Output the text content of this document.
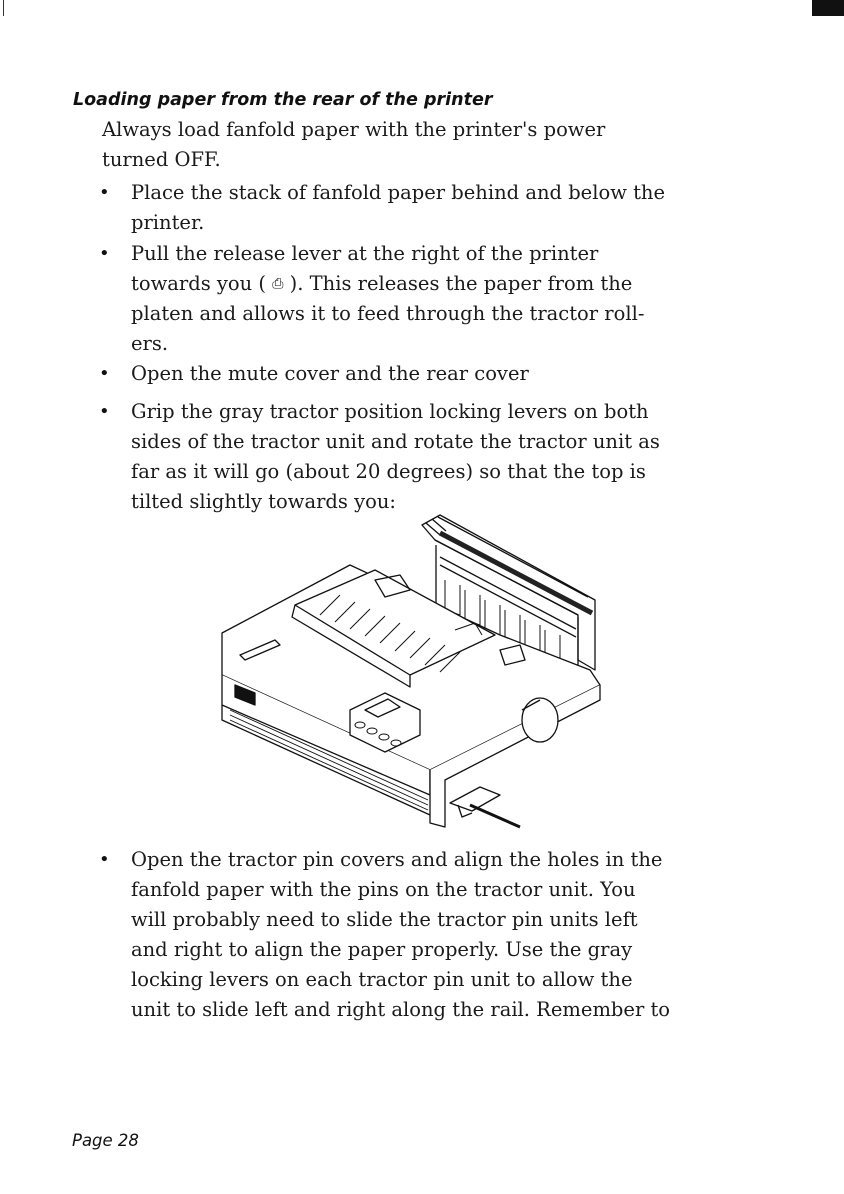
Loading paper from the rear of the printer

Always load fanfold paper with the printer's power
turned OFF.

• Place the stack of fanfold paper behind and below the
printer.

• Pull the release lever at the right of the printer
towards you ( ⎙ ). This releases the paper from the
platen and allows it to feed through the tractor roll-
ers.

• Open the mute cover and the rear cover

• Grip the gray tractor position locking levers on both
sides of the tractor unit and rotate the tractor unit as
far as it will go (about 20 degrees) so that the top is
tilted slightly towards you:

• Open the tractor pin covers and align the holes in the
fanfold paper with the pins on the tractor unit. You
will probably need to slide the tractor pin units left
and right to align the paper properly. Use the gray
locking levers on each tractor pin unit to allow the
unit to slide left and right along the rail. Remember to

Page 28
